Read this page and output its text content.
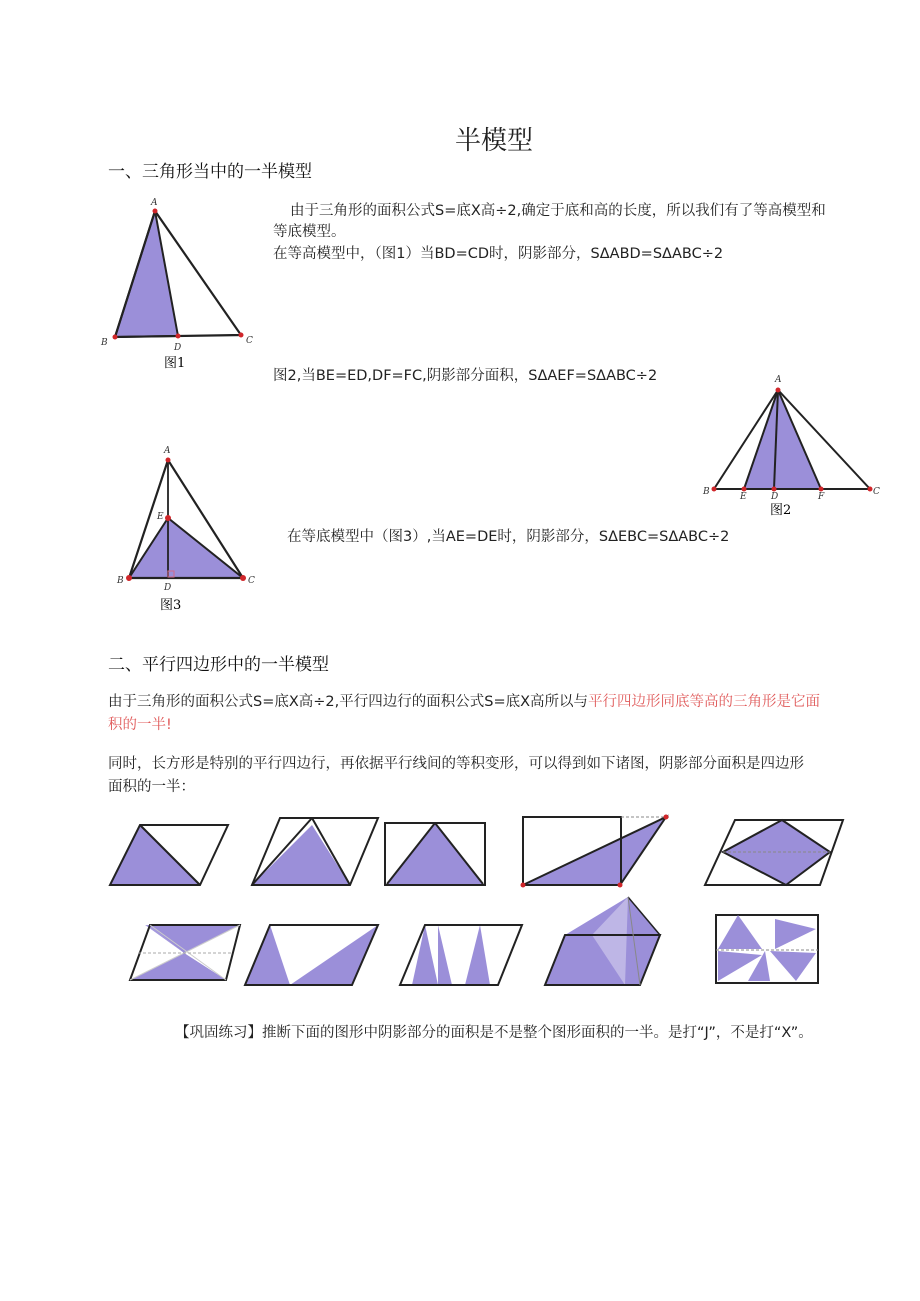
半模型
一、三角形当中的一半模型
A
B	D
C
图1
由于三角形的面积公式S=底X高÷2,确定于底和高的长度，所以我们有了等高模型和
等底模型。
在等高模型中，（图1）当BD=CD时，阴影部分，SΔABD=SΔABC÷2
图2,当BE=ED,DF=FC,阴影部分面积，SΔAEF=SΔABC÷2	A
B	E	D	F	C
图2
A
E
B
D
C
图3
在等底模型中（图3）,当AE=DE时，阴影部分，SΔEBC=SΔABC÷2
二、平行四边形中的一半模型
由于三角形的面积公式S=底X高÷2,平行四边行的面积公式S=底X高所以与平行四边形同底等高的三角形是它面
积的一半!
同时，长方形是特别的平行四边行，再依据平行线间的等积变形，可以得到如下诸图，阴影部分面积是四边形
面积的一半：
【巩固练习】推断下面的图形中阴影部分的面积是不是整个图形面积的一半。是打“J”，不是打“X”。
